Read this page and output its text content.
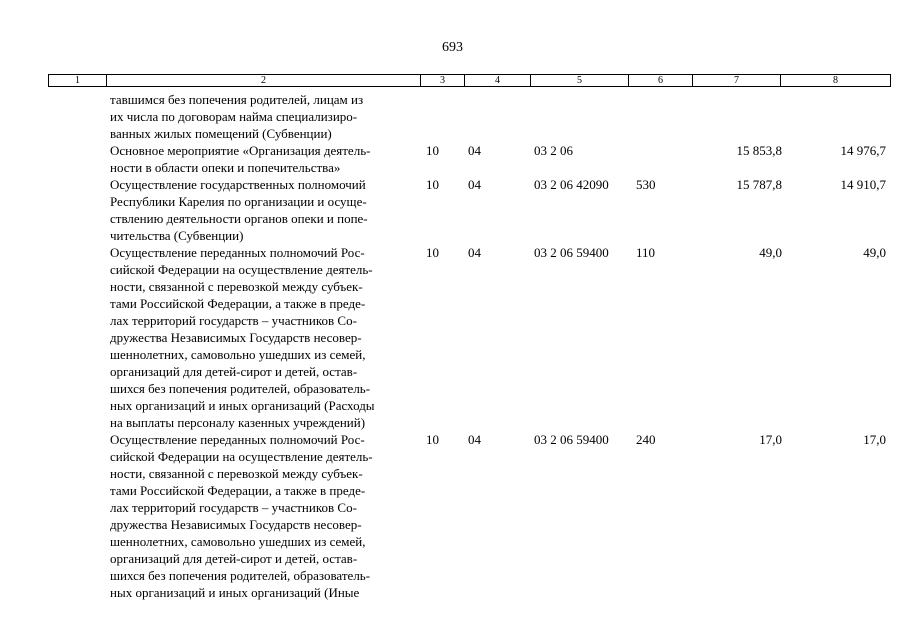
693
1	2	3	4	5	6	7	8
тавшимся без попечения родителей, лицам из
их числа по договорам найма специализиро-
ванных жилых помещений (Субвенции)
Основное мероприятие «Организация деятель-
ности в области опеки и попечительства»
10 04	03 2 06	15 853,8	14 976,7
Осуществление государственных полномочий
Республики Карелия по организации и осуще-
ствлению деятельности органов опеки и попе-
чительства (Субвенции)
10 04	03 2 06 42090 530	15 787,8	14 910,7
Осуществление переданных полномочий Рос-
сийской Федерации на осуществление деятель-
ности, связанной с перевозкой между субъек-
тами Российской Федерации, а также в преде-
лах территорий государств – участников Со-
дружества Независимых Государств несовер-
шеннолетних, самовольно ушедших из семей,
организаций для детей-сирот и детей, остав-
шихся без попечения родителей, образователь-
ных организаций и иных организаций (Расходы
на выплаты персоналу казенных учреждений)
10 04	03 2 06 59400 110	49,0	49,0
Осуществление переданных полномочий Рос-
сийской Федерации на осуществление деятель-
ности, связанной с перевозкой между субъек-
тами Российской Федерации, а также в преде-
лах территорий государств – участников Со-
дружества Независимых Государств несовер-
шеннолетних, самовольно ушедших из семей,
организаций для детей-сирот и детей, остав-
шихся без попечения родителей, образователь-
ных организаций и иных организаций (Иные
10 04	03 2 06 59400 240	17,0	17,0
